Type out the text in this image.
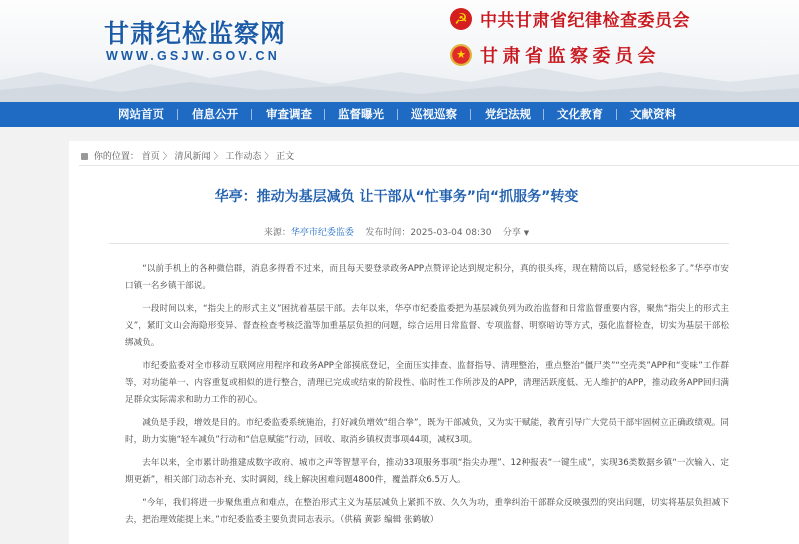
甘肃纪检监察网
WWW.GSJW.GOV.CN
☭
中共甘肃省纪律检查委员会
★
甘肃省监察委员会
网站首页 信息公开 审查调查 监督曝光 巡视巡察 党纪法规 文化教育 文献资料
你的位置： 首页 〉 清风新闻 〉 工作动态 〉 正文
华亭：推动为基层减负 让干部从“忙事务”向“抓服务”转变
来源：华亭市纪委监委 发布时间：2025-03-04 08:30 分享 ▼

“以前手机上的各种微信群，消息多得看不过来，而且每天要登录政务APP点赞评论达到规定积分，真的很头疼，现在精简以后，感觉轻松多了。”华亭市安口镇一名乡镇干部说。

一段时间以来，“指尖上的形式主义”困扰着基层干部。去年以来，华亭市纪委监委把为基层减负列为政治监督和日常监督重要内容，聚焦“指尖上的形式主义”，紧盯文山会海隐形变异、督查检查考核泛滥等加重基层负担的问题，综合运用日常监督、专项监督、明察暗访等方式，强化监督检查，切实为基层干部松绑减负。

市纪委监委对全市移动互联网应用程序和政务APP全部摸底登记，全面压实排查、监督指导、清理整治，重点整治“僵尸类”“空壳类”APP和“变味”工作群等，对功能单一、内容重复或相似的进行整合，清理已完成或结束的阶段性、临时性工作所涉及的APP，清理活跃度低、无人维护的APP，推动政务APP回归满足群众实际需求和助力工作的初心。

减负是手段，增效是目的。市纪委监委系统施治，打好减负增效“组合拳”，既为干部减负，又为实干赋能，教育引导广大党员干部牢固树立正确政绩观。同时，助力实施“轻车减负”行动和“信息赋能”行动，回收、取消乡镇权责事项44项，减权3项。

去年以来，全市累计助推建成数字政府、城市之声等智慧平台，推动33项服务事项“指尖办理”、12种报表“一键生成”，实现36类数据乡镇“一次输入、定期更新”，相关部门动态补充、实时调阅，线上解决困难问题4800件，覆盖群众6.5万人。

“今年，我们将进一步聚焦重点和难点，在整治形式主义为基层减负上紧抓不放、久久为功，重拳纠治干部群众反映强烈的突出问题，切实将基层负担减下去，把治理效能提上来。”市纪委监委主要负责同志表示。（供稿 黄影 编辑 张鹤敏）
